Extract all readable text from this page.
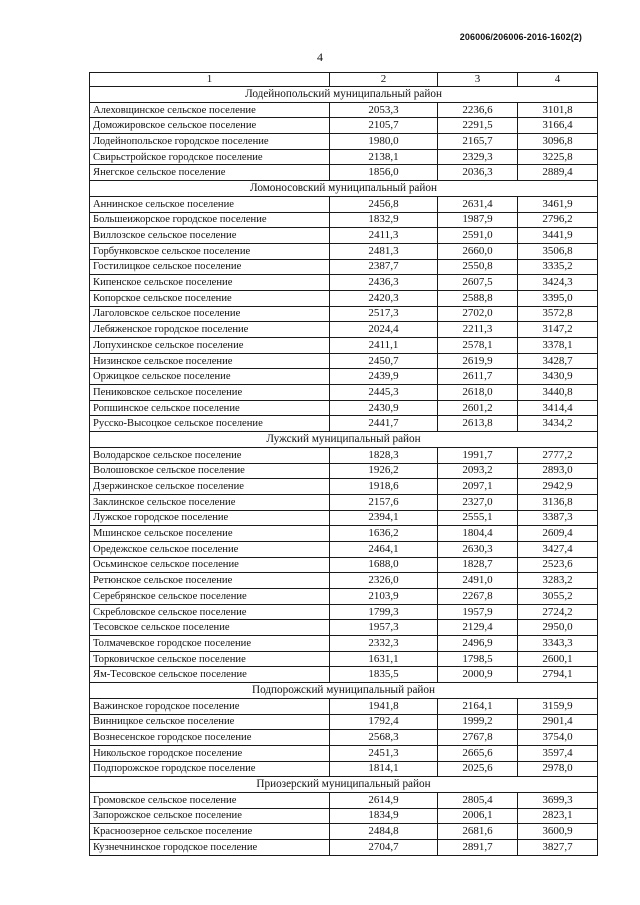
206006/206006-2016-1602(2)
4
1	2	3	4
Лодейнопольский муниципальный район			
Алеховщинское сельское поселение	2053,3	2236,6	3101,8
Доможировское сельское поселение	2105,7	2291,5	3166,4
Лодейнопольское городское поселение	1980,0	2165,7	3096,8
Свирьстройское городское поселение	2138,1	2329,3	3225,8
Янегское сельское поселение	1856,0	2036,3	2889,4
Ломоносовский муниципальный район			
Аннинское сельское поселение	2456,8	2631,4	3461,9
Большеижорское городское поселение	1832,9	1987,9	2796,2
Виллозское сельское поселение	2411,3	2591,0	3441,9
Горбунковское сельское поселение	2481,3	2660,0	3506,8
Гостилицкое сельское поселение	2387,7	2550,8	3335,2
Кипенское сельское поселение	2436,3	2607,5	3424,3
Копорское сельское поселение	2420,3	2588,8	3395,0
Лаголовское сельское поселение	2517,3	2702,0	3572,8
Лебяженское городское поселение	2024,4	2211,3	3147,2
Лопухинское сельское поселение	2411,1	2578,1	3378,1
Низинское сельское поселение	2450,7	2619,9	3428,7
Оржицкое сельское поселение	2439,9	2611,7	3430,9
Пениковское сельское поселение	2445,3	2618,0	3440,8
Ропшинское сельское поселение	2430,9	2601,2	3414,4
Русско-Высоцкое сельское поселение	2441,7	2613,8	3434,2
Лужский муниципальный район			
Володарское сельское поселение	1828,3	1991,7	2777,2
Волошовское сельское поселение	1926,2	2093,2	2893,0
Дзержинское сельское поселение	1918,6	2097,1	2942,9
Заклинское сельское поселение	2157,6	2327,0	3136,8
Лужское городское поселение	2394,1	2555,1	3387,3
Мшинское сельское поселение	1636,2	1804,4	2609,4
Оредежское сельское поселение	2464,1	2630,3	3427,4
Осьминское сельское поселение	1688,0	1828,7	2523,6
Ретюнское сельское поселение	2326,0	2491,0	3283,2
Серебрянское сельское поселение	2103,9	2267,8	3055,2
Скребловское сельское поселение	1799,3	1957,9	2724,2
Тесовское сельское поселение	1957,3	2129,4	2950,0
Толмачевское городское поселение	2332,3	2496,9	3343,3
Торковичское сельское поселение	1631,1	1798,5	2600,1
Ям-Тесовское сельское поселение	1835,5	2000,9	2794,1
Подпорожский муниципальный район			
Важинское городское поселение	1941,8	2164,1	3159,9
Винницкое сельское поселение	1792,4	1999,2	2901,4
Вознесенское городское поселение	2568,3	2767,8	3754,0
Никольское городское поселение	2451,3	2665,6	3597,4
Подпорожское городское поселение	1814,1	2025,6	2978,0
Приозерский муниципальный район			
Громовское сельское поселение	2614,9	2805,4	3699,3
Запорожское сельское поселение	1834,9	2006,1	2823,1
Красноозерное сельское поселение	2484,8	2681,6	3600,9
Кузнечнинское городское поселение	2704,7	2891,7	3827,7
